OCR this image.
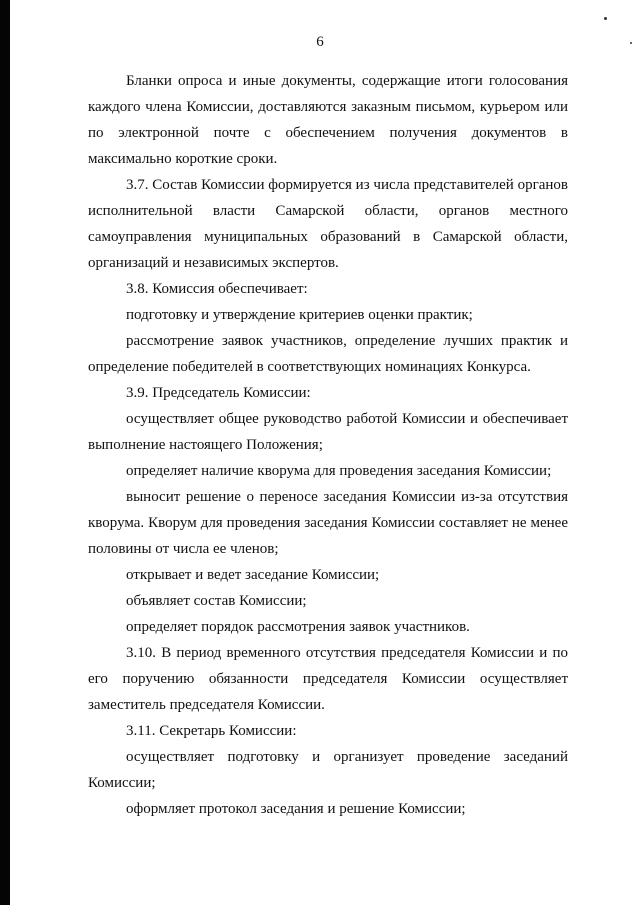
6

Бланки опроса и иные документы, содержащие итоги голосования каждого члена Комиссии, доставляются заказным письмом, курьером или по электронной почте с обеспечением получения документов в максимально короткие сроки.

3.7. Состав Комиссии формируется из числа представителей органов исполнительной власти Самарской области, органов местного самоуправления муниципальных образований в Самарской области, организаций и независимых экспертов.

3.8. Комиссия обеспечивает:

подготовку и утверждение критериев оценки практик;

рассмотрение заявок участников, определение лучших практик и определение победителей в соответствующих номинациях Конкурса.

3.9. Председатель Комиссии:

осуществляет общее руководство работой Комиссии и обеспечивает выполнение настоящего Положения;

определяет наличие кворума для проведения заседания Комиссии;

выносит решение о переносе заседания Комиссии из-за отсутствия кворума. Кворум для проведения заседания Комиссии составляет не менее половины от числа ее членов;

открывает и ведет заседание Комиссии;

объявляет состав Комиссии;

определяет порядок рассмотрения заявок участников.

3.10. В период временного отсутствия председателя Комиссии и по его поручению обязанности председателя Комиссии осуществляет заместитель председателя Комиссии.

3.11. Секретарь Комиссии:

осуществляет подготовку и организует проведение заседаний Комиссии;

оформляет протокол заседания и решение Комиссии;
